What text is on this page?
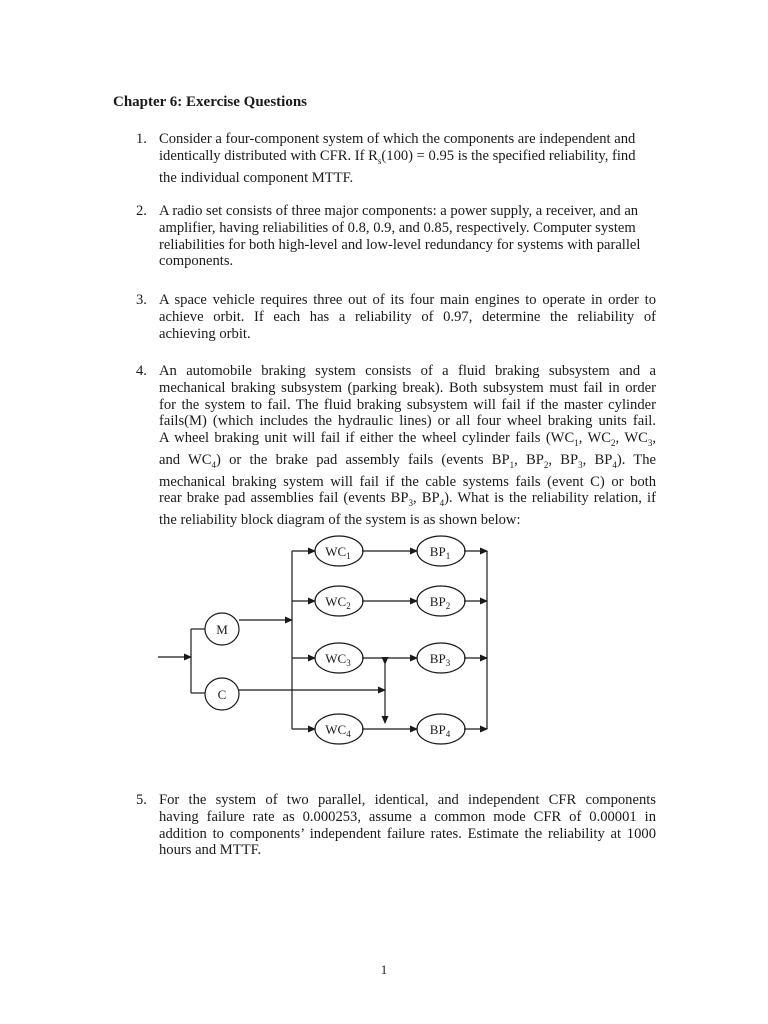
Chapter 6: Exercise Questions
1. Consider a four-component system of which the components are independent and
identically distributed with CFR. If $R_s(100) = 0.95$ is the specified reliability, find
the individual component MTTF.
2. A radio set consists of three major components: a power supply, a receiver, and an
amplifier, having reliabilities of 0.8, 0.9, and 0.85, respectively. Computer system
reliabilities for both high-level and low-level redundancy for systems with parallel
components.
3. A space vehicle requires three out of its four main engines to operate in order to
achieve orbit. If each has a reliability of 0.97, determine the reliability of
achieving orbit.
4. An automobile braking system consists of a fluid braking subsystem and a
mechanical braking subsystem (parking break). Both subsystem must fail in order
for the system to fail. The fluid braking subsystem will fail if the master cylinder
fails(M) (which includes the hydraulic lines) or all four wheel braking units fail.
A wheel braking unit will fail if either the wheel cylinder fails ($WC_1$, $WC_2$, $WC_3$,
and $WC_4$) or the brake pad assembly fails (events $BP_1$, $BP_2$, $BP_3$, $BP_4$). The
mechanical braking system will fail if the cable systems fails (event C) or both
rear brake pad assemblies fail (events $BP_3$, $BP_4$). What is the reliability relation, if
the reliability block diagram of the system is as shown below:
M
C
$WC_1$
$WC_2$
$WC_3$
$WC_4$
$BP_1$
$BP_2$
$BP_3$
$BP_4$
5. For the system of two parallel, identical, and independent CFR components
having failure rate as 0.000253, assume a common mode CFR of 0.00001 in
addition to components’ independent failure rates. Estimate the reliability at 1000
hours and MTTF.
1
